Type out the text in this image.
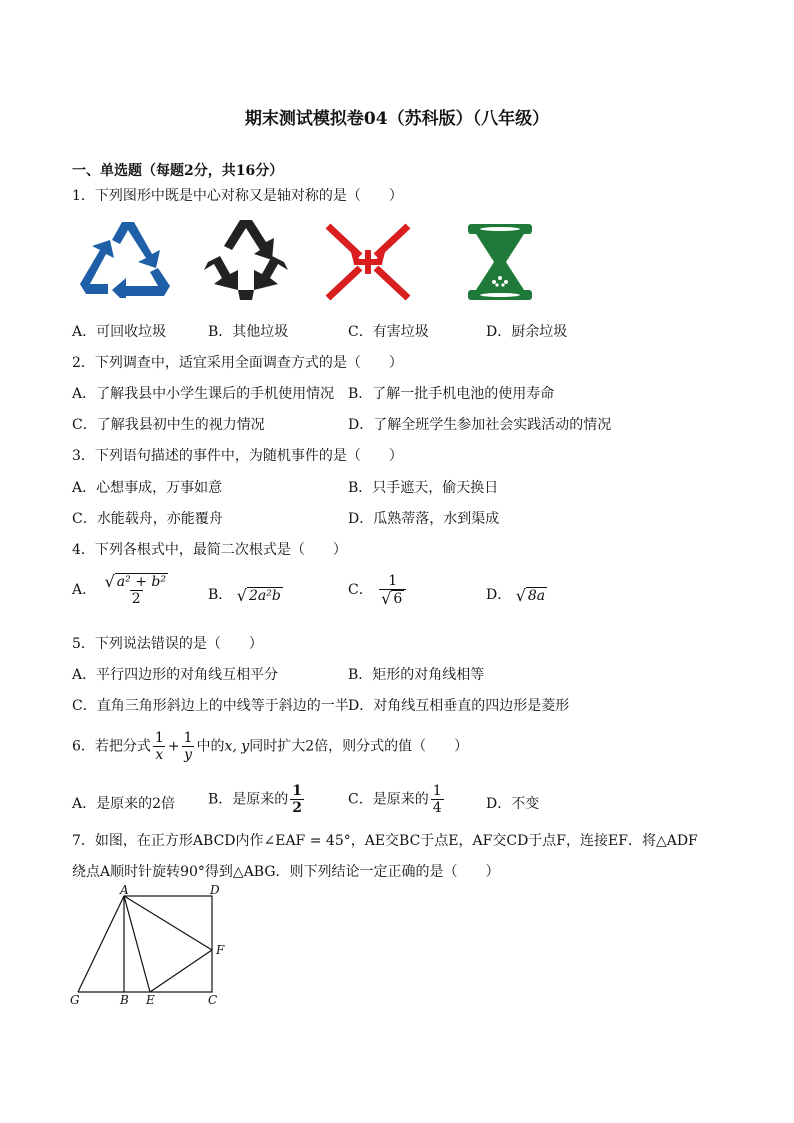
期末测试模拟卷04（苏科版）（八年级）
一、单选题（每题2分，共16分）
1．下列图形中既是中心对称又是轴对称的是（　　）
A．可回收垃圾	B．其他垃圾	C．有害垃圾	D．厨余垃圾
2．下列调查中，适宜采用全面调查方式的是（　　）
A．了解我县中小学生课后的手机使用情况 B．了解一批手机电池的使用寿命
C．了解我县初中生的视力情况	D．了解全班学生参加社会实践活动的情况
3．下列语句描述的事件中，为随机事件的是（　　）
A．心想事成，万事如意	B．只手遮天，偷天换日
C．水能载舟，亦能覆舟	D．瓜熟蒂落，水到渠成
4．下列各根式中，最简二次根式是（　　）
A． $\frac{\text{√ a² + b²}}{2}$	B． √ 2a²b	C． $\frac{1}{√ 6}$	D． √ 8a
5．下列说法错误的是（　　）
A．平行四边形的对角线互相平分	B．矩形的对角线相等
C．直角三角形斜边上的中线等于斜边的一半 D．对角线互相垂直的四边形是菱形
6．若把分式 $\frac{1}{x} + \frac{1}{y}$ 中的x, y同时扩大2倍，则分式的值（　　）
A．是原来的2倍 B．是原来的 $\frac{1}{2}$	C．是原来的 $\frac{1}{4}$	D．不变
7．如图，在正方形ABCD内作∠EAF = 45°，AE交BC于点E，AF交CD于点F，连接EF．将△ADF
绕点A顺时针旋转90°得到△ABG．则下列结论一定正确的是（　　）
A	D
F
G	B E	C
